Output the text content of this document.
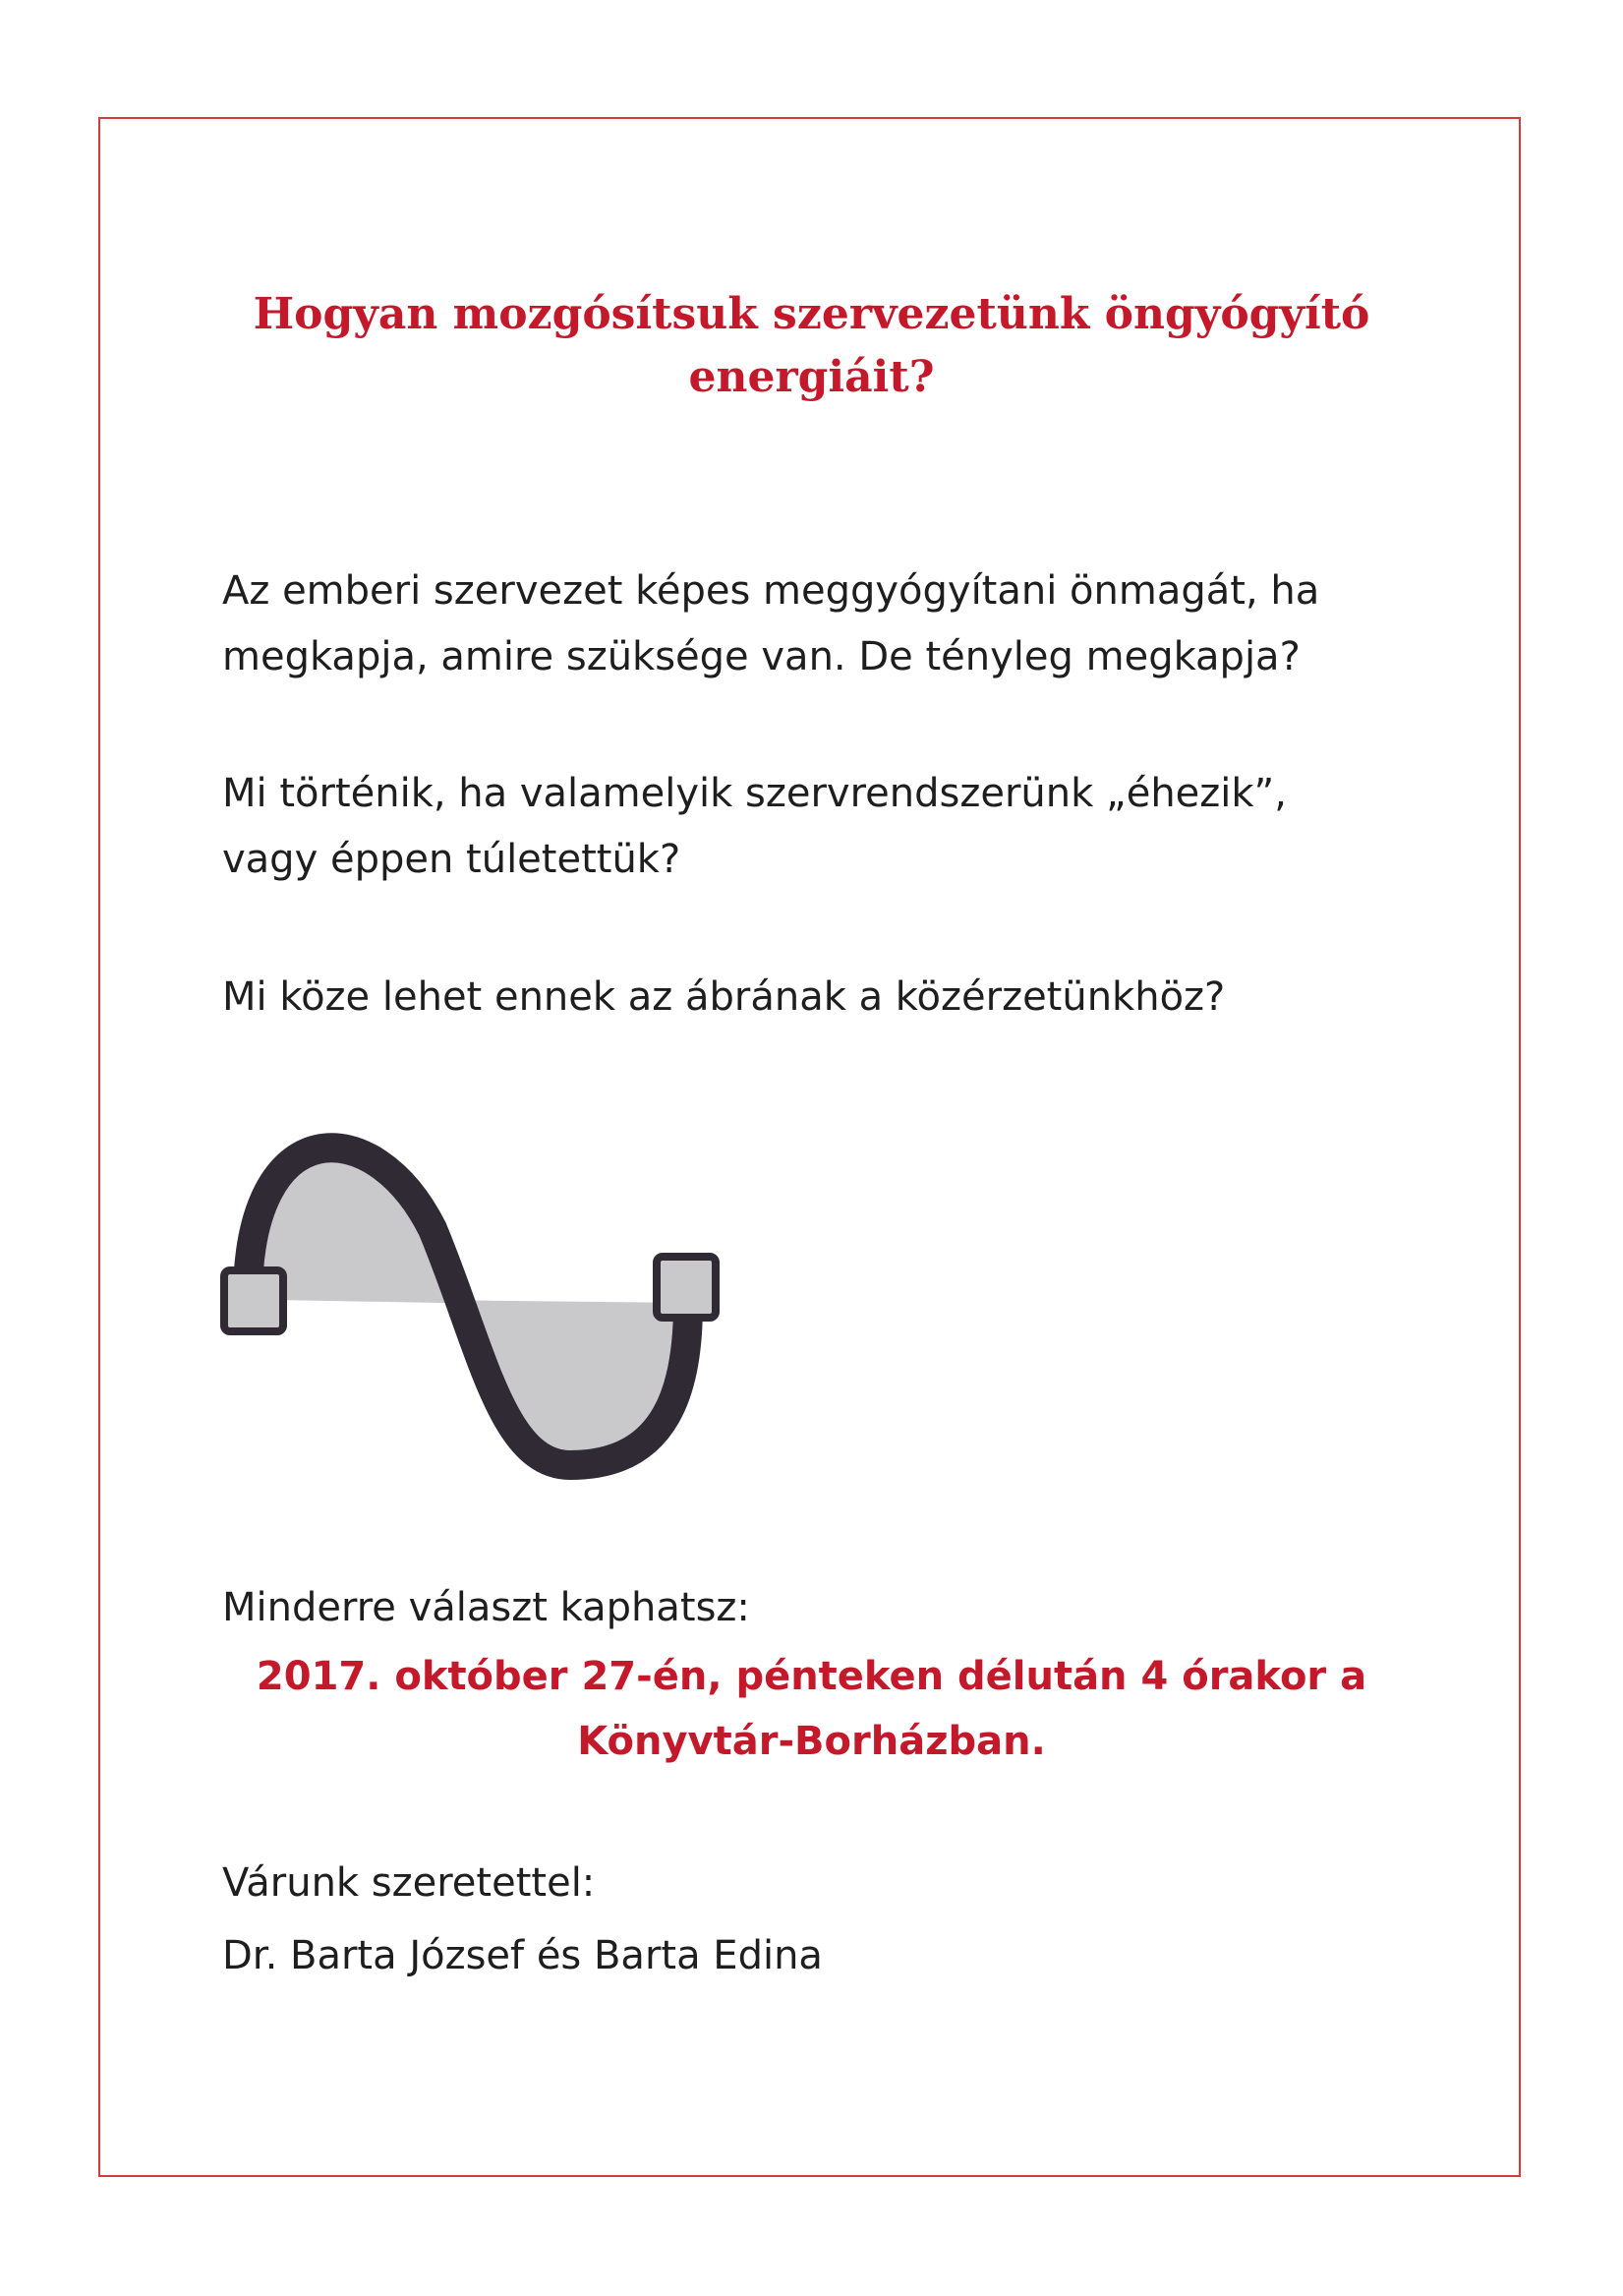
Hogyan mozgósítsuk szervezetünk öngyógyító
energiáit?

Az emberi szervezet képes meggyógyítani önmagát, ha
megkapja, amire szüksége van. De tényleg megkapja?

Mi történik, ha valamelyik szervrendszerünk „éhezik”,
vagy éppen túletettük?

Mi köze lehet ennek az ábrának a közérzetünkhöz?

Minderre választ kaphatsz:

2017. október 27-én, pénteken délután 4 órakor a
Könyvtár-Borházban.

Várunk szeretettel:

Dr. Barta József és Barta Edina
